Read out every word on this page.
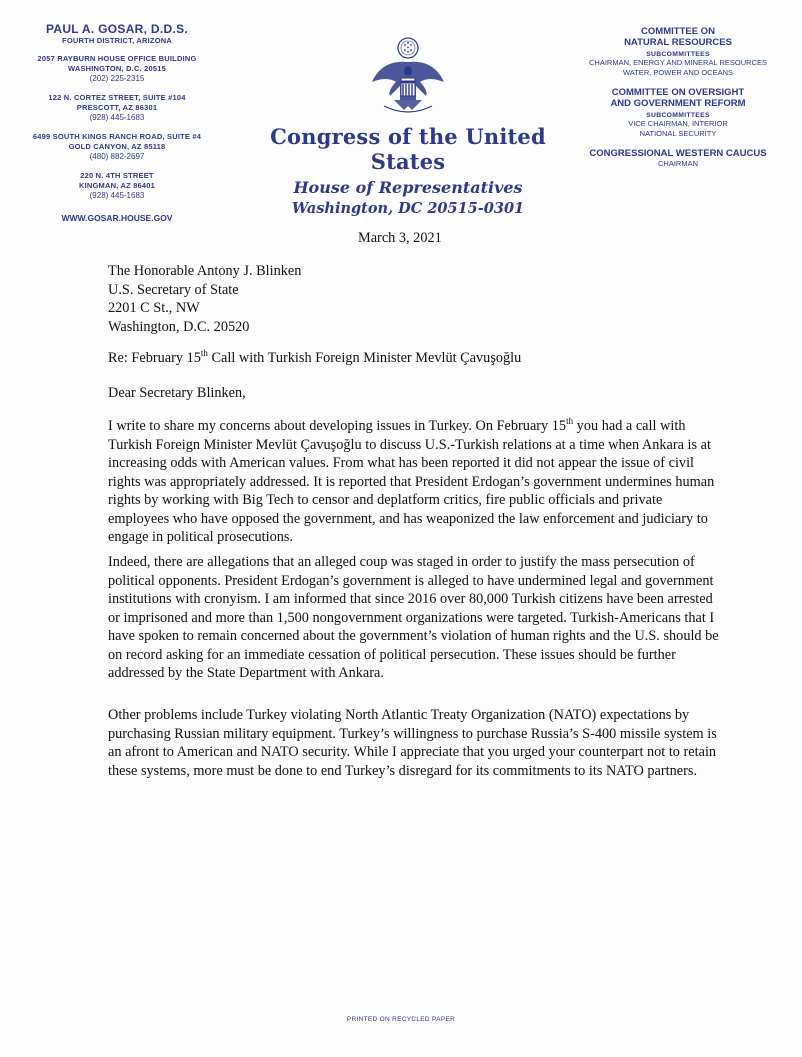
PAUL A. GOSAR, D.D.S.
FOURTH DISTRICT, ARIZONA
2057 RAYBURN HOUSE OFFICE BUILDING
WASHINGTON, D.C. 20515
(202) 225-2315
122 N. CORTEZ STREET, SUITE #104
PRESCOTT, AZ 86301
(928) 445-1683
6499 SOUTH KINGS RANCH ROAD, SUITE #4
GOLD CANYON, AZ 85118
(480) 882-2697
220 N. 4TH STREET
KINGMAN, AZ 86401
(928) 445-1683
WWW.GOSAR.HOUSE.GOV
Congress of the United States
House of Representatives
Washington, DC 20515-0301
COMMITTEE ON
NATURAL RESOURCES
SUBCOMMITTEES
CHAIRMAN, ENERGY AND MINERAL RESOURCES
WATER, POWER AND OCEANS
COMMITTEE ON OVERSIGHT
AND GOVERNMENT REFORM
SUBCOMMITTEES
VICE CHAIRMAN, INTERIOR
NATIONAL SECURITY
CONGRESSIONAL WESTERN CAUCUS
CHAIRMAN
March 3, 2021
The Honorable Antony J. Blinken
U.S. Secretary of State
2201 C St., NW
Washington, D.C. 20520
Re: February 15th Call with Turkish Foreign Minister Mevlüt Çavuşoğlu
Dear Secretary Blinken,
I write to share my concerns about developing issues in Turkey. On February 15th you had a call with Turkish Foreign Minister Mevlüt Çavuşoğlu to discuss U.S.-Turkish relations at a time when Ankara is at increasing odds with American values. From what has been reported it did not appear the issue of civil rights was appropriately addressed. It is reported that President Erdogan’s government undermines human rights by working with Big Tech to censor and deplatform critics, fire public officials and private employees who have opposed the government, and has weaponized the law enforcement and judiciary to engage in political prosecutions.
Indeed, there are allegations that an alleged coup was staged in order to justify the mass persecution of political opponents. President Erdogan’s government is alleged to have undermined legal and government institutions with cronyism. I am informed that since 2016 over 80,000 Turkish citizens have been arrested or imprisoned and more than 1,500 nongovernment organizations were targeted. Turkish-Americans that I have spoken to remain concerned about the government’s violation of human rights and the U.S. should be on record asking for an immediate cessation of political persecution. These issues should be further addressed by the State Department with Ankara.
Other problems include Turkey violating North Atlantic Treaty Organization (NATO) expectations by purchasing Russian military equipment. Turkey’s willingness to purchase Russia’s S-400 missile system is an afront to American and NATO security. While I appreciate that you urged your counterpart not to retain these systems, more must be done to end Turkey’s disregard for its commitments to its NATO partners.
PRINTED ON RECYCLED PAPER
